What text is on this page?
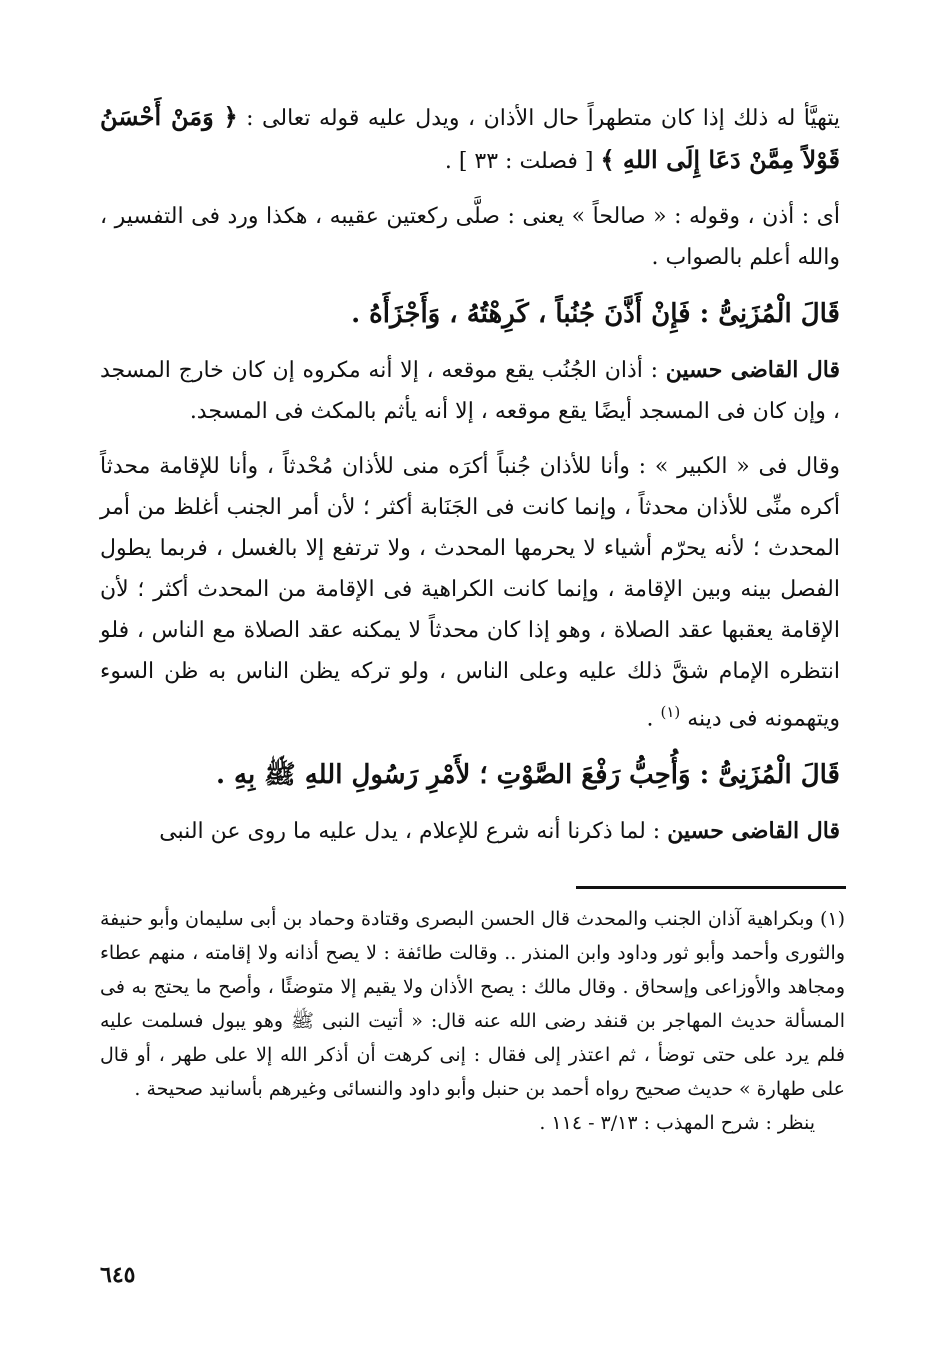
يتهيَّأ له ذلك إذا كان متطهراً حال الأذان ، ويدل عليه قوله تعالى : ﴿ وَمَنْ أَحْسَنُ قَوْلاً مِمَّنْ دَعَا إِلَى اللهِ ﴾ [ فصلت : ٣٣ ] .

أى : أذن ، وقوله : « صالحاً » يعنى : صلَّى ركعتين عقيبه ، هكذا ورد فى التفسير ، والله أعلم بالصواب .

قَالَ الْمُزَنِىُّ : فَإِنْ أَذَّنَ جُنُباً ، كَرِهْتُهُ ، وَأَجْزَأَهُ .

قال القاضى حسين : أذان الجُنُب يقع موقعه ، إلا أنه مكروه إن كان خارج المسجد ، وإن كان فى المسجد أيضًا يقع موقعه ، إلا أنه يأثم بالمكث فى المسجد.

وقال فى « الكبير » : وأنا للأذان جُنباً أكرَه منى للأذان مُحْدثاً ، وأنا للإقامة محدثاً أكره منِّى للأذان محدثاً ، وإنما كانت فى الجَنَابة أكثر ؛ لأن أمر الجنب أغلظ من أمر المحدث ؛ لأنه يحرّم أشياء لا يحرمها المحدث ، ولا ترتفع إلا بالغسل ، فربما يطول الفصل بينه وبين الإقامة ، وإنما كانت الكراهية فى الإقامة من المحدث أكثر ؛ لأن الإقامة يعقبها عقد الصلاة ، وهو إذا كان محدثاً لا يمكنه عقد الصلاة مع الناس ، فلو انتظره الإمام شقَّ ذلك عليه وعلى الناس ، ولو تركه يظن الناس به ظن السوء ويتهمونه فى دينه $^{(١)}$ .

قَالَ الْمُزَنِىُّ : وَأُحِبُّ رَفْعَ الصَّوْتِ ؛ لأَمْرِ رَسُولِ اللهِ ﷺ بِهِ .

قال القاضى حسين : لما ذكرنا أنه شرع للإعلام ، يدل عليه ما روى عن النبى

(١) وبكراهية آذان الجنب والمحدث قال الحسن البصرى وقتادة وحماد بن أبى سليمان وأبو حنيفة والثورى وأحمد وأبو ثور وداود وابن المنذر .. وقالت طائفة : لا يصح أذانه ولا إقامته ، منهم عطاء ومجاهد والأوزاعى وإسحاق . وقال مالك : يصح الأذان ولا يقيم إلا متوضئًا ، وأصح ما يحتج به فى المسألة حديث المهاجر بن قنفد رضى الله عنه قال: « أتيت النبى ﷺ وهو يبول فسلمت عليه فلم يرد على حتى توضأ ، ثم اعتذر إلى فقال : إنى كرهت أن أذكر الله إلا على طهر ، أو قال على طهارة » حديث صحيح رواه أحمد بن حنبل وأبو داود والنسائى وغيرهم بأسانيد صحيحة .

ينظر : شرح المهذب : ٣/١٣ - ١١٤ .

٦٤٥
